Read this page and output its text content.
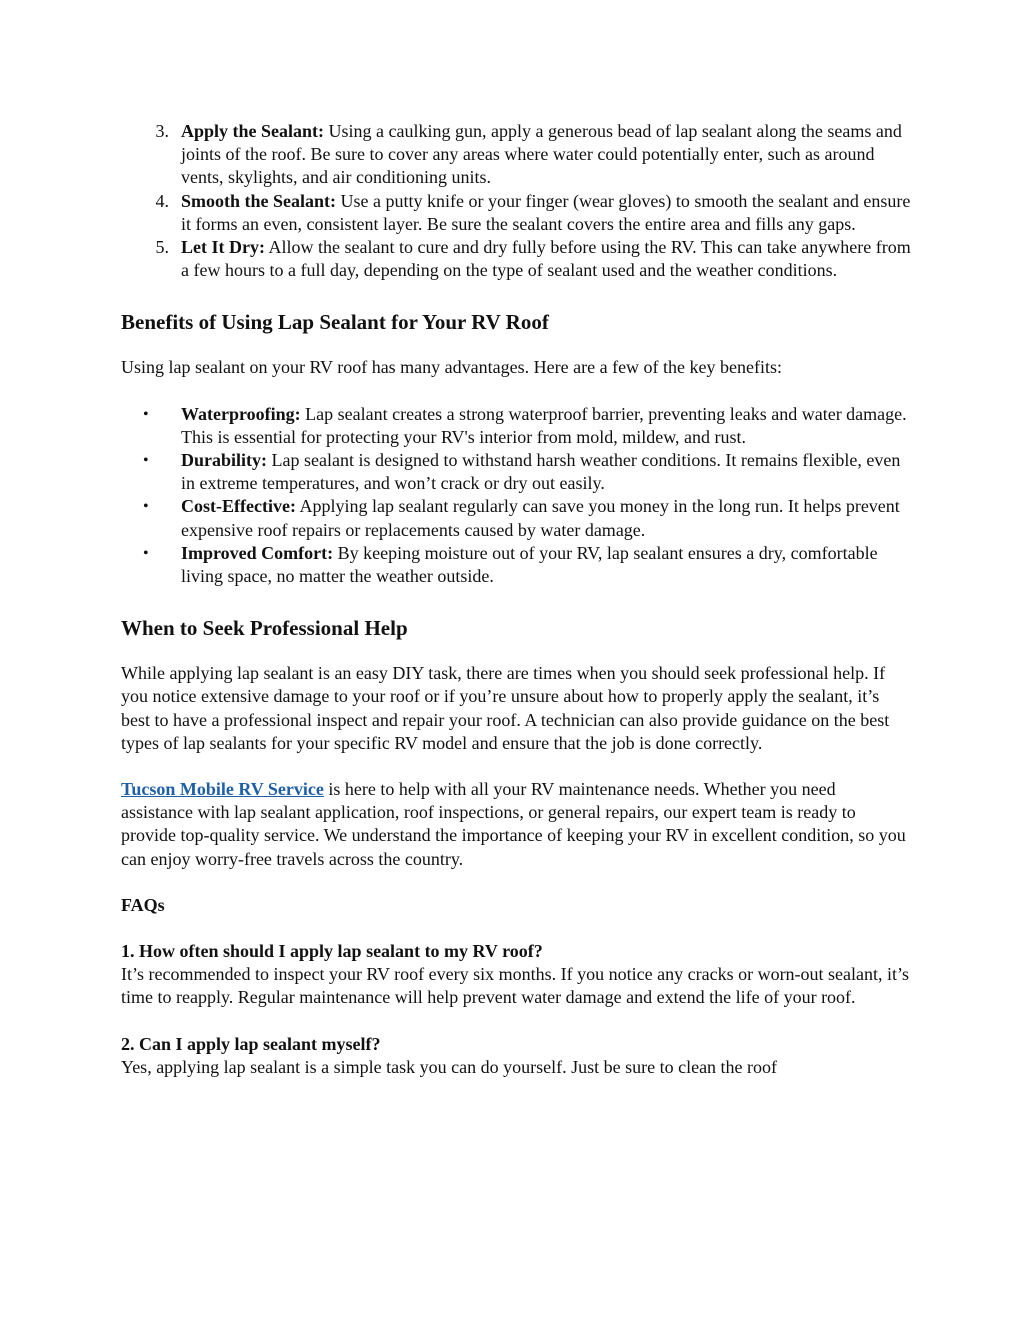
3. Apply the Sealant: Using a caulking gun, apply a generous bead of lap sealant along the seams and joints of the roof. Be sure to cover any areas where water could potentially enter, such as around vents, skylights, and air conditioning units.
4. Smooth the Sealant: Use a putty knife or your finger (wear gloves) to smooth the sealant and ensure it forms an even, consistent layer. Be sure the sealant covers the entire area and fills any gaps.
5. Let It Dry: Allow the sealant to cure and dry fully before using the RV. This can take anywhere from a few hours to a full day, depending on the type of sealant used and the weather conditions.
Benefits of Using Lap Sealant for Your RV Roof

Using lap sealant on your RV roof has many advantages. Here are a few of the key benefits:

• Waterproofing: Lap sealant creates a strong waterproof barrier, preventing leaks and water damage. This is essential for protecting your RV's interior from mold, mildew, and rust.
• Durability: Lap sealant is designed to withstand harsh weather conditions. It remains flexible, even in extreme temperatures, and won’t crack or dry out easily.
• Cost-Effective: Applying lap sealant regularly can save you money in the long run. It helps prevent expensive roof repairs or replacements caused by water damage.
• Improved Comfort: By keeping moisture out of your RV, lap sealant ensures a dry, comfortable living space, no matter the weather outside.
When to Seek Professional Help

While applying lap sealant is an easy DIY task, there are times when you should seek professional help. If you notice extensive damage to your roof or if you’re unsure about how to properly apply the sealant, it’s best to have a professional inspect and repair your roof. A technician can also provide guidance on the best types of lap sealants for your specific RV model and ensure that the job is done correctly.

Tucson Mobile RV Service is here to help with all your RV maintenance needs. Whether you need assistance with lap sealant application, roof inspections, or general repairs, our expert team is ready to provide top-quality service. We understand the importance of keeping your RV in excellent condition, so you can enjoy worry-free travels across the country.

FAQs

1. How often should I apply lap sealant to my RV roof?

It’s recommended to inspect your RV roof every six months. If you notice any cracks or worn-out sealant, it’s time to reapply. Regular maintenance will help prevent water damage and extend the life of your roof.

2. Can I apply lap sealant myself?

Yes, applying lap sealant is a simple task you can do yourself. Just be sure to clean the roof
